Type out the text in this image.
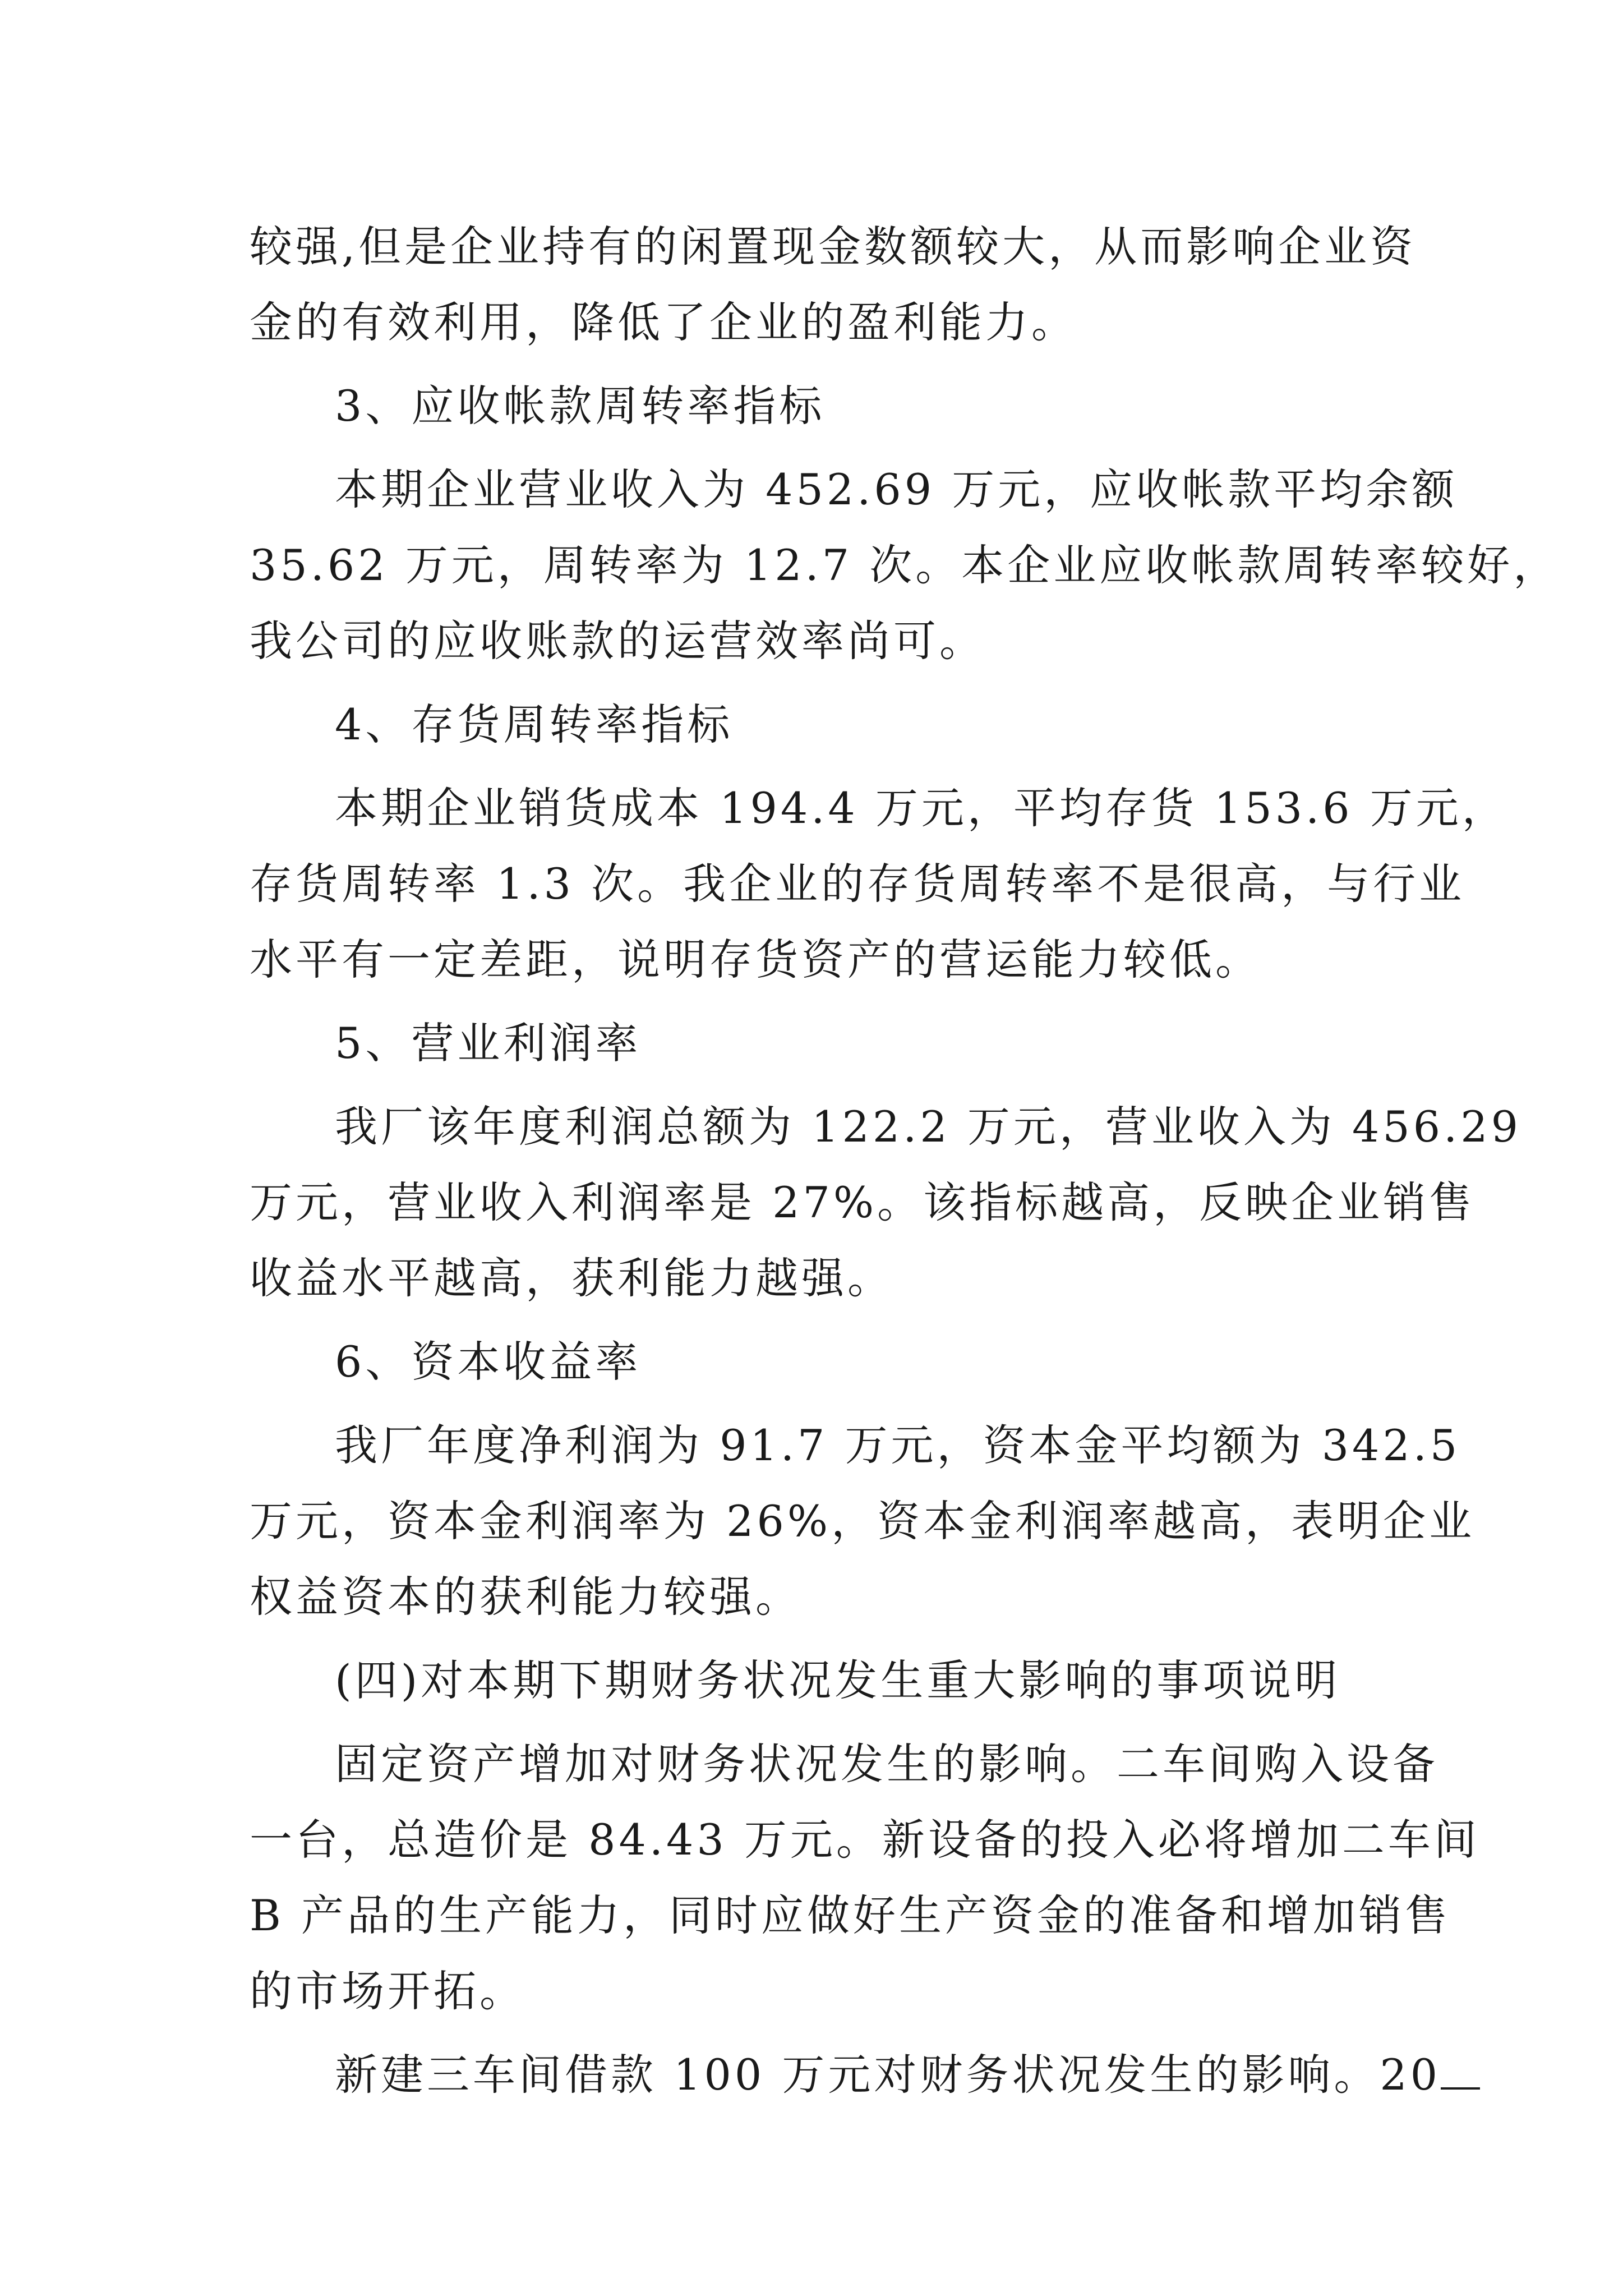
较强,但是企业持有的闲置现金数额较大，从而影响企业资
金的有效利用，降低了企业的盈利能力。
3、应收帐款周转率指标
本期企业营业收入为 452.69 万元，应收帐款平均余额
35.62 万元，周转率为 12.7 次。本企业应收帐款周转率较好，
我公司的应收账款的运营效率尚可。
4、存货周转率指标
本期企业销货成本 194.4 万元，平均存货 153.6 万元，
存货周转率 1.3 次。我企业的存货周转率不是很高，与行业
水平有一定差距，说明存货资产的营运能力较低。
5、营业利润率
我厂该年度利润总额为 122.2 万元，营业收入为 456.29
万元，营业收入利润率是 27%。该指标越高，反映企业销售
收益水平越高，获利能力越强。
6、资本收益率
我厂年度净利润为 91.7 万元，资本金平均额为 342.5
万元，资本金利润率为 26%，资本金利润率越高，表明企业
权益资本的获利能力较强。
(四)对本期下期财务状况发生重大影响的事项说明
固定资产增加对财务状况发生的影响。二车间购入设备
一台，总造价是 84.43 万元。新设备的投入必将增加二车间
B 产品的生产能力，同时应做好生产资金的准备和增加销售
的市场开拓。
新建三车间借款 100 万元对财务状况发生的影响。20
